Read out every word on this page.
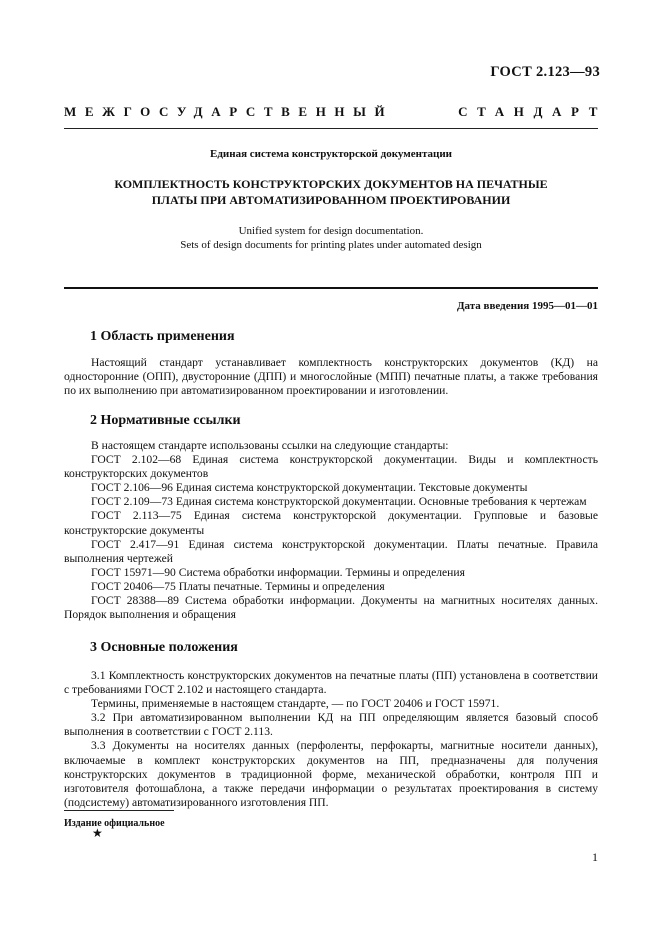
ГОСТ 2.123—93
МЕЖГОСУДАРСТВЕННЫЙ	СТАНДАРТ
Единая система конструкторской документации
КОМПЛЕКТНОСТЬ КОНСТРУКТОРСКИХ ДОКУМЕНТОВ НА ПЕЧАТНЫЕ
ПЛАТЫ ПРИ АВТОМАТИЗИРОВАННОМ ПРОЕКТИРОВАНИИ
Unified system for design documentation.
Sets of design documents for printing plates under automated design
Дата введения 1995—01—01
1 Область применения

Настоящий стандарт устанавливает комплектность конструкторских документов (КД) на односторонние (ОПП), двусторонние (ДПП) и многослойные (МПП) печатные платы, а также требования по их выполнению при автоматизированном проектировании и изготовлении.

2 Нормативные ссылки

В настоящем стандарте использованы ссылки на следующие стандарты:

ГОСТ 2.102—68 Единая система конструкторской документации. Виды и комплектность конструкторских документов

ГОСТ 2.106—96 Единая система конструкторской документации. Текстовые документы

ГОСТ 2.109—73 Единая система конструкторской документации. Основные требования к чертежам

ГОСТ 2.113—75 Единая система конструкторской документации. Групповые и базовые конструкторские документы

ГОСТ 2.417—91 Единая система конструкторской документации. Платы печатные. Правила выполнения чертежей

ГОСТ 15971—90 Система обработки информации. Термины и определения

ГОСТ 20406—75 Платы печатные. Термины и определения

ГОСТ 28388—89 Система обработки информации. Документы на магнитных носителях данных. Порядок выполнения и обращения

3 Основные положения

3.1 Комплектность конструкторских документов на печатные платы (ПП) установлена в соответствии с требованиями ГОСТ 2.102 и настоящего стандарта.

Термины, применяемые в настоящем стандарте, — по ГОСТ 20406 и ГОСТ 15971.

3.2 При автоматизированном выполнении КД на ПП определяющим является базовый способ выполнения в соответствии с ГОСТ 2.113.

3.3 Документы на носителях данных (перфоленты, перфокарты, магнитные носители данных), включаемые в комплект конструкторских документов на ПП, предназначены для получения конструкторских документов в традиционной форме, механической обработки, контроля ПП и изготовителя фотошаблона, а также передачи информации о результатах проектирования в систему (подсистему) автоматизированного изготовления ПП.

Издание официальное
★
1
